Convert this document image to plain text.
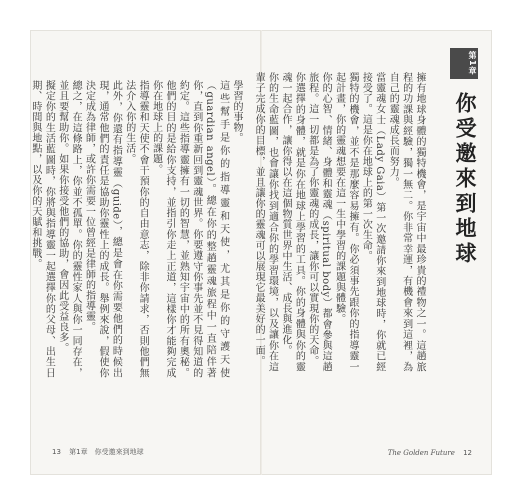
學習的事物。
這些幫手是你的指導靈和天使，尤其是你的守護天使（guardian angel）。總在你的整趟靈魂旅程中一直陪伴著你，直到你重新回到靈魂世界。你要遵守你事先並不見得知道的約定。這些指導靈擁有一切的智慧，並熟知宇宙中的所有奧秘。他們的目的是給你支持，並指引你走上正道，這樣你才能夠完成你在地球上的課題。
指導靈和天使不會干預你的自由意志，除非你請求，否則他們無法介入你的生活。
此外，你還有指導靈（guide），總是會在你需要他們的時候出現，通常他們的責任是協助你靈性上的成長。舉例來說，假使你決定成為律師，或許你需要一位曾經是律師的指導靈。
總之，在這條路上，你並不孤單。你的靈性家人與你一同存在，並且要幫助你。如果你接受他們的協助，會因此受益良多。
擬定你的生活藍圖時，你將與指導靈一起選擇你的父母、出生日期、時間與地點，以及你的天賦和挑戰。
13 第1章　你受邀來到地球
第1章
你受邀來到地球
擁有地球身體的獨特機會，是宇宙中最珍貴的禮物之一。這趟旅程的功課與經驗，獨一無二。你非常幸運，有機會來到這裡，為自己的靈魂成長而努力。
當靈魂女士（Lady Gaia）第一次邀請你來到地球時，你就已經接受了。這是你在地球上的第一次生命。
獨特的機會，並不是那麼容易擁有。你必須事先跟你的指導靈一起計畫，你的靈魂想要在這一生中學習的課題與體驗。
你的心智、情緒、身體和靈魂（spiritual body）都會參與這趟旅程。這一切都是為了你靈魂的成長，讓你可以實現你的天命。
你選擇的身體，就是你在地球上學習的工具。你的身體與你的靈魂一起合作，讓你得以在這個物質世界中生活、成長與進化。
你的生命藍圖，也會讓你找到適合你的學習環境，以及讓你在這輩子完成你的目標，並且讓你的靈魂可以展現它最美好的一面。
The Golden Future 12
